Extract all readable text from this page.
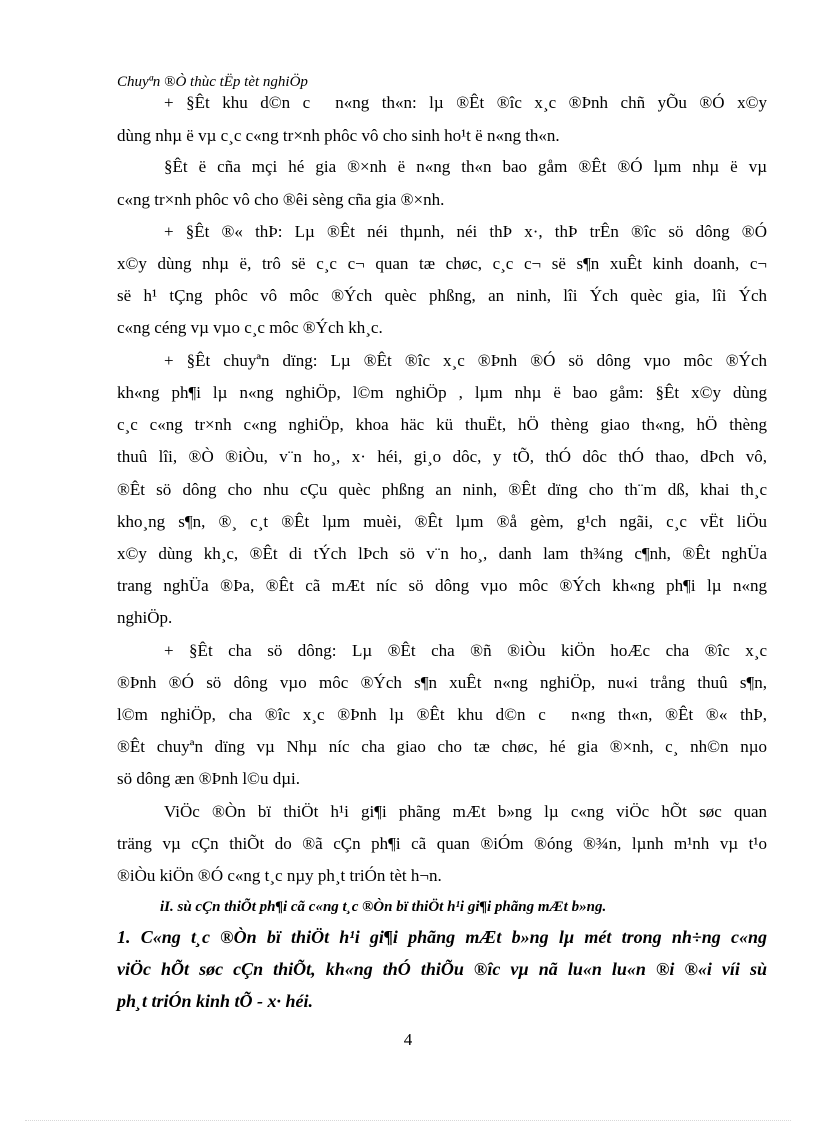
Chuyªn ®Ò thùc tËp tèt nghiÖp
+ §Êt khu d©n c  n«ng th«n: lµ ®Êt ®îc x¸c ®Þnh chñ yÕu ®Ó x©y
dùng nhµ ë vµ c¸c c«ng tr×nh phôc vô cho sinh ho¹t ë n«ng th«n.
§Êt ë cña mçi hé gia ®×nh ë n«ng th«n bao gåm ®Êt ®Ó lµm nhµ ë vµ
c«ng tr×nh phôc vô cho ®êi sèng cña gia ®×nh.
+ §Êt ®« thÞ: Lµ ®Êt néi thµnh, néi thÞ x·, thÞ trÊn ®îc sö dông ®Ó
x©y dùng nhµ ë, trô së c¸c c¬ quan tæ chøc, c¸c c¬ së s¶n xuÊt kinh doanh, c¬
së h¹ tÇng phôc vô môc ®Ých quèc phßng, an ninh, lîi Ých quèc gia, lîi Ých
c«ng céng vµ vµo c¸c môc ®Ých kh¸c.
+ §Êt chuyªn dïng: Lµ ®Êt ®îc x¸c ®Þnh ®Ó sö dông vµo môc ®Ých
kh«ng ph¶i lµ n«ng nghiÖp, l©m nghiÖp , lµm nhµ ë bao gåm: §Êt x©y dùng
c¸c c«ng tr×nh c«ng nghiÖp, khoa häc kü thuËt, hÖ thèng giao th«ng, hÖ thèng
thuû lîi, ®Ò ®iÒu, v¨n ho¸, x· héi, gi¸o dôc, y tÕ, thÓ dôc thÓ thao, dÞch vô,
®Êt sö dông cho nhu cÇu quèc phßng an ninh, ®Êt dïng cho th¨m dß, khai th¸c
kho¸ng s¶n, ®¸ c¸t ®Êt lµm muèi, ®Êt lµm ®å gèm, g¹ch ngãi, c¸c vËt liÖu
x©y dùng kh¸c, ®Êt di tÝch lÞch sö v¨n ho¸, danh lam th¾ng c¶nh, ®Êt nghÜa
trang nghÜa ®Þa, ®Êt cã mÆt níc sö dông vµo môc ®Ých kh«ng ph¶i lµ n«ng
nghiÖp.
+ §Êt cha sö dông: Lµ ®Êt cha ®ñ ®iÒu kiÖn hoÆc cha ®îc x¸c
®Þnh ®Ó sö dông vµo môc ®Ých s¶n xuÊt n«ng nghiÖp, nu«i trång thuû s¶n,
l©m nghiÖp, cha ®îc x¸c ®Þnh lµ ®Êt khu d©n c  n«ng th«n, ®Êt ®« thÞ,
®Êt chuyªn dïng vµ Nhµ níc cha giao cho tæ chøc, hé gia ®×nh, c¸ nh©n nµo
sö dông æn ®Þnh l©u dµi.
ViÖc ®Òn bï thiÖt h¹i gi¶i phãng mÆt b»ng lµ c«ng viÖc hÕt søc quan
träng vµ cÇn thiÕt do ®ã cÇn ph¶i cã quan ®iÓm ®óng ®¾n, lµnh m¹nh vµ t¹o
®iÒu kiÖn ®Ó c«ng t¸c nµy ph¸t triÓn tèt h¬n.
iI. sù cÇn thiÕt ph¶i cã c«ng t¸c ®Òn bï thiÖt h¹i gi¶i phãng mÆt b»ng.
1. C«ng t¸c ®Òn bï thiÖt h¹i gi¶i phãng mÆt b»ng lµ mét trong nh÷ng c«ng
viÖc hÕt søc cÇn thiÕt, kh«ng thÓ thiÕu ®îc vµ nã lu«n lu«n ®i ®«i víi sù
ph¸t triÓn kinh tÕ - x· héi.
4
